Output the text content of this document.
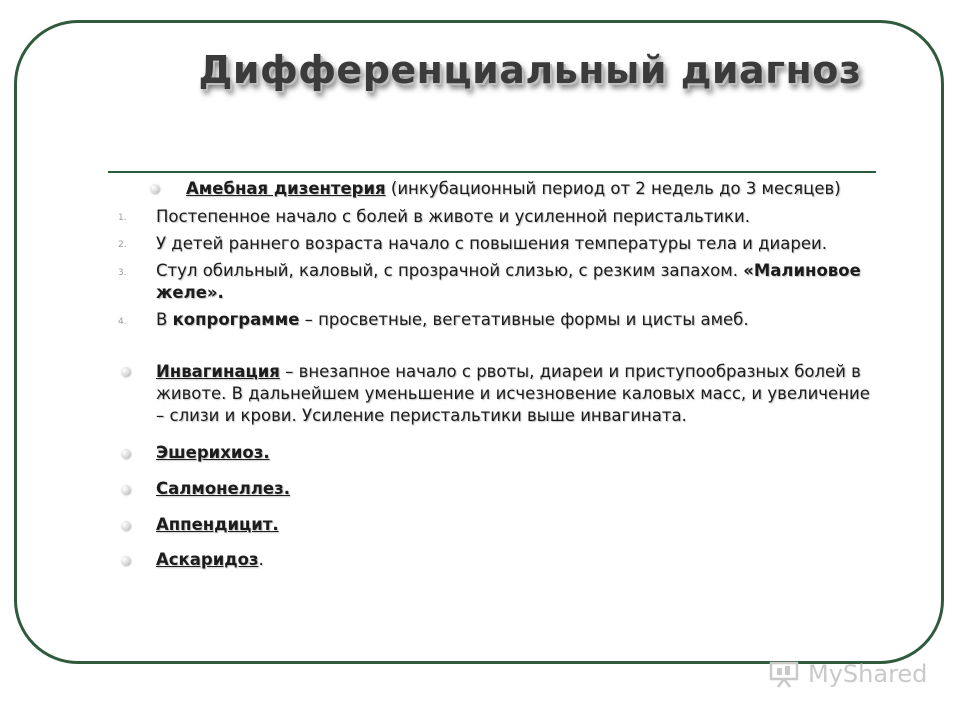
Дифференциальный диагноз
Амебная дизентерия (инкубационный период от 2 недель до 3 месяцев)
1. Постепенное начало с болей в животе и усиленной перистальтики.
2. У детей раннего возраста начало с повышения температуры тела и диареи.
3. Стул обильный, каловый, с прозрачной слизью, с резким запахом. «Малиновое желе».
4. В копрограмме – просветные, вегетативные формы и цисты амеб.
Инвагинация – внезапное начало с рвоты, диареи и приступообразных болей в животе. В дальнейшем уменьшение и исчезновение каловых масс, и увеличение – слизи и крови. Усиление перистальтики выше инвагината.
Эшерихиоз.
Салмонеллез.
Аппендицит.
Аскаридоз.
MyShared
